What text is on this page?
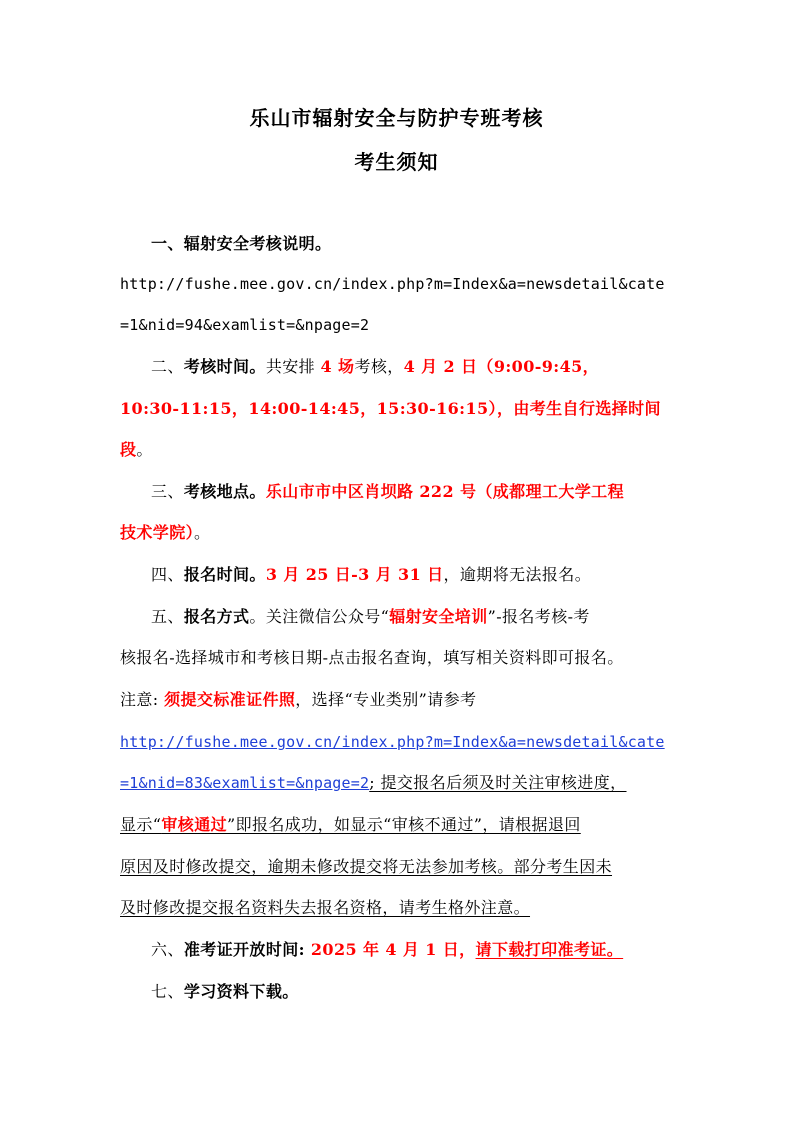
乐山市辐射安全与防护专班考核
考生须知
一、辐射安全考核说明。
http://fushe.mee.gov.cn/index.php?m=Index&a=newsdetail&cate
=1&nid=94&examlist=&npage=2
二、考核时间。共安排 4 场考核，4 月 2 日（9:00-9:45，
10:30-11:15，14:00-14:45，15:30-16:15），由考生自行选择时间
段。
三、考核地点。乐山市市中区肖坝路 222 号（成都理工大学工程
技术学院）。
四、报名时间。3 月 25 日-3 月 31 日，逾期将无法报名。
五、报名方式。关注微信公众号“辐射安全培训”-报名考核-考
核报名-选择城市和考核日期-点击报名查询，填写相关资料即可报名。
注意: 须提交标准证件照，选择“专业类别”请参考
http://fushe.mee.gov.cn/index.php?m=Index&a=newsdetail&cate
=1&nid=83&examlist=&npage=2; 提交报名后须及时关注审核进度，
显示“审核通过”即报名成功，如显示“审核不通过”，请根据退回
原因及时修改提交，逾期未修改提交将无法参加考核。部分考生因未
及时修改提交报名资料失去报名资格，请考生格外注意。
六、准考证开放时间: 2025 年 4 月 1 日，请下载打印准考证。
七、学习资料下载。
